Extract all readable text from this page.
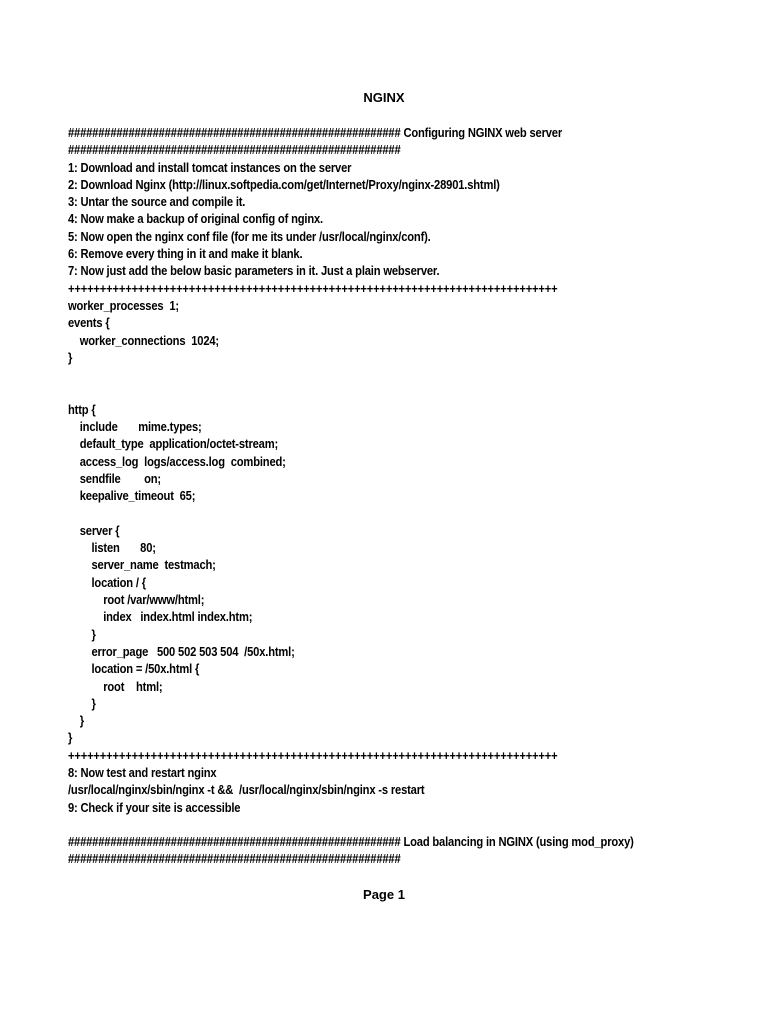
NGINX
####################################################### Configuring NGINX web server
#######################################################
1: Download and install tomcat instances on the server
2: Download Nginx (http://linux.softpedia.com/get/Internet/Proxy/nginx-28901.shtml)
3: Untar the source and compile it.
4: Now make a backup of original config of nginx.
5: Now open the nginx conf file (for me its under /usr/local/nginx/conf).
6: Remove every thing in it and make it blank.
7: Now just add the below basic parameters in it. Just a plain webserver.
+++++++++++++++++++++++++++++++++++++++++++++++++++++++++++++++++++++++++++++
worker_processes  1;
events {
worker_connections  1024;
}
http {
include       mime.types;
default_type  application/octet-stream;
access_log  logs/access.log  combined;
sendfile        on;
keepalive_timeout  65;
server {
listen       80;
server_name  testmach;
location / {
root /var/www/html;
index   index.html index.htm;
}
error_page   500 502 503 504  /50x.html;
location = /50x.html {
root    html;
}
}
}
+++++++++++++++++++++++++++++++++++++++++++++++++++++++++++++++++++++++++++++
8: Now test and restart nginx
/usr/local/nginx/sbin/nginx -t &&  /usr/local/nginx/sbin/nginx -s restart
9: Check if your site is accessible
####################################################### Load balancing in NGINX (using mod_proxy)
#######################################################
Page 1
